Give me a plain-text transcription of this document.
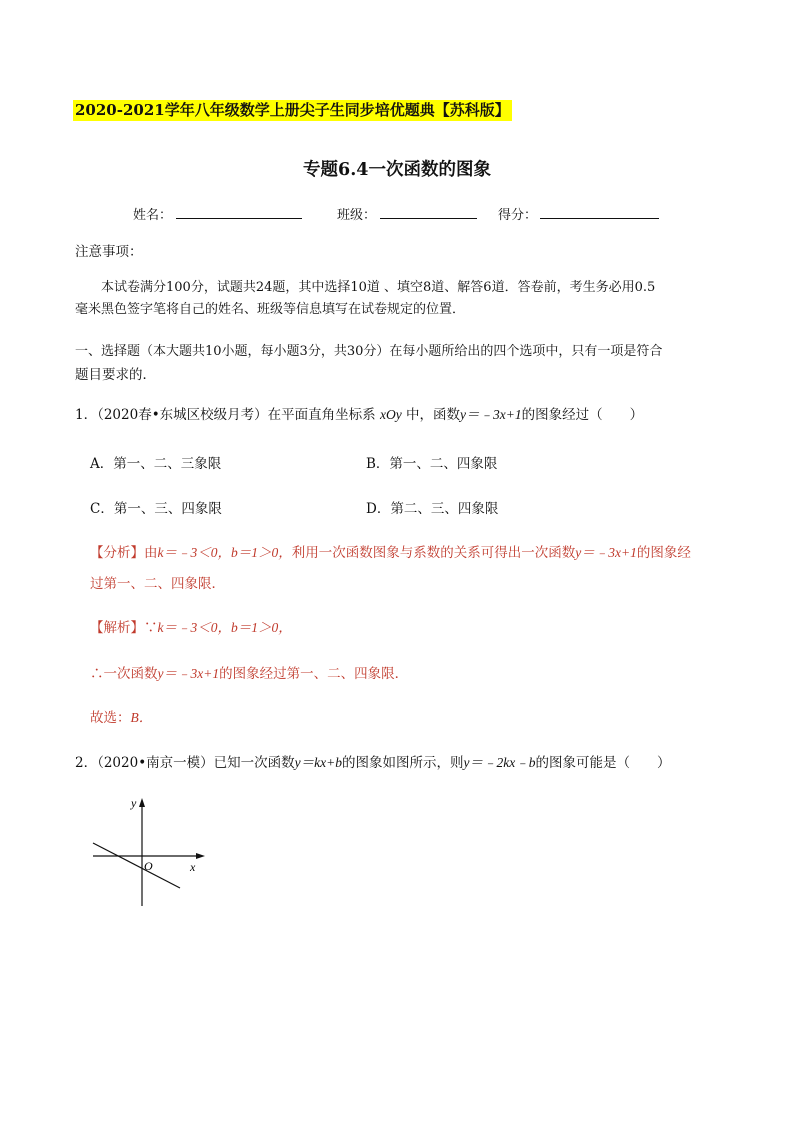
2020-2021学年八年级数学上册尖子生同步培优题典【苏科版】
专题6.4一次函数的图象
姓名：	班级：	得分：
注意事项：
本试卷满分100分，试题共24题，其中选择10道 、填空8道、解答6道．答卷前，考生务必用0.5
毫米黑色签字笔将自己的姓名、班级等信息填写在试卷规定的位置．
一、选择题（本大题共10小题，每小题3分，共30分）在每小题所给出的四个选项中，只有一项是符合
题目要求的．
1．（2020春•东城区校级月考）在平面直角坐标系 xOy 中，函数y＝﹣3x+1的图象经过（　　）
A．第一、二、三象限	B．第一、二、四象限
C．第一、三、四象限	D．第二、三、四象限
【分析】由k＝﹣3＜0，b＝1＞0，利用一次函数图象与系数的关系可得出一次函数y＝﹣3x+1的图象经
过第一、二、四象限．
【解析】∵k＝﹣3＜0，b＝1＞0，
∴一次函数y＝﹣3x+1的图象经过第一、二、四象限．
故选：B．
2．（2020•南京一模）已知一次函数y＝kx+b的图象如图所示，则y＝﹣2kx﹣b的图象可能是（　　）
y
x
O
